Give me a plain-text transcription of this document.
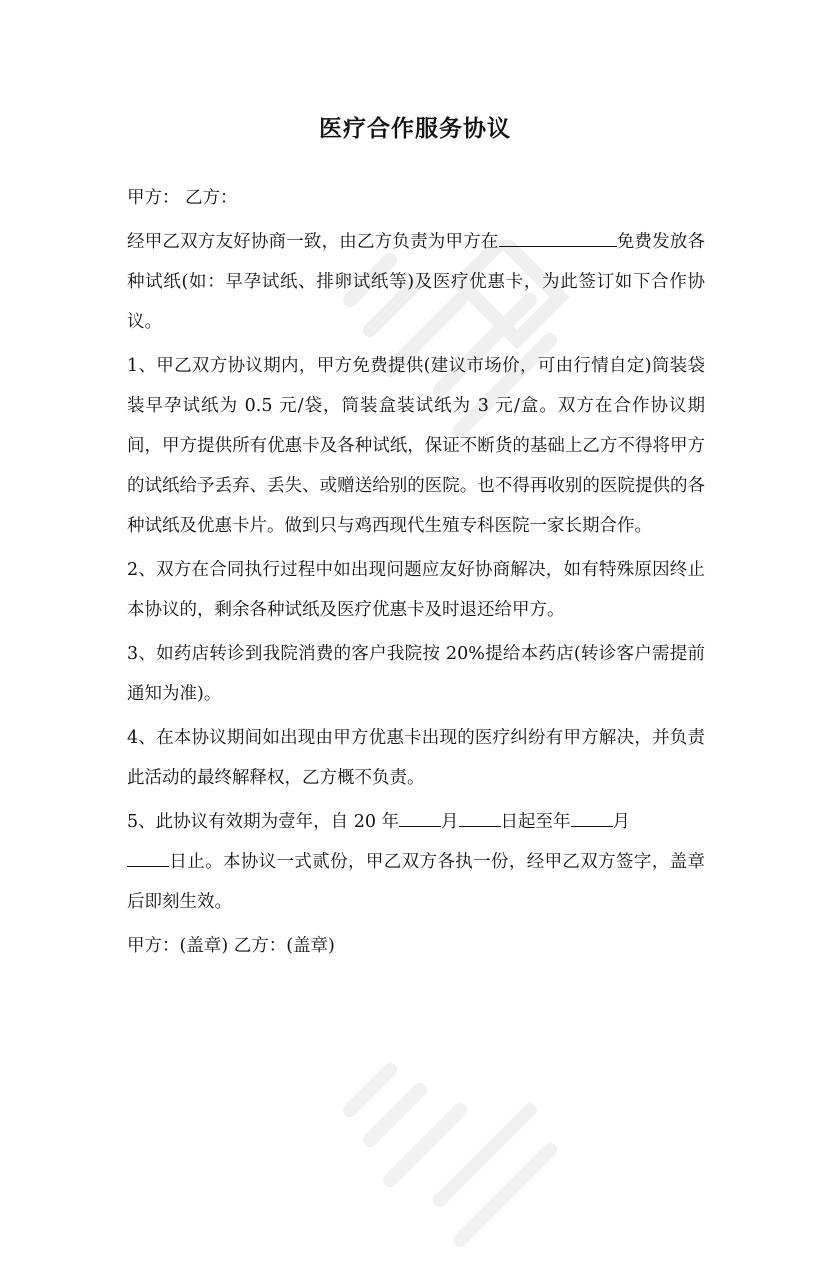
医疗合作服务协议

甲方： 乙方：

经甲乙双方友好协商一致，由乙方负责为甲方在	免费发放各种试纸(如：早孕试纸、排卵试纸等)及医疗优惠卡，为此签订如下合作协议。

1、甲乙双方协议期内，甲方免费提供(建议市场价，可由行情自定)筒装袋装早孕试纸为 0.5 元/袋，筒装盒装试纸为 3 元/盒。双方在合作协议期间，甲方提供所有优惠卡及各种试纸，保证不断货的基础上乙方不得将甲方的试纸给予丢弃、丢失、或赠送给别的医院。也不得再收别的医院提供的各种试纸及优惠卡片。做到只与鸡西现代生殖专科医院一家长期合作。

2、双方在合同执行过程中如出现问题应友好协商解决，如有特殊原因终止本协议的，剩余各种试纸及医疗优惠卡及时退还给甲方。

3、如药店转诊到我院消费的客户我院按 20%提给本药店(转诊客户需提前通知为准)。

4、在本协议期间如出现由甲方优惠卡出现的医疗纠纷有甲方解决，并负责此活动的最终解释权，乙方概不负责。

5、此协议有效期为壹年，自 20 年 月 日起至年 月
日止。本协议一式贰份，甲乙双方各执一份，经甲乙双方签字，盖章后即刻生效。

甲方：(盖章) 乙方：(盖章)
